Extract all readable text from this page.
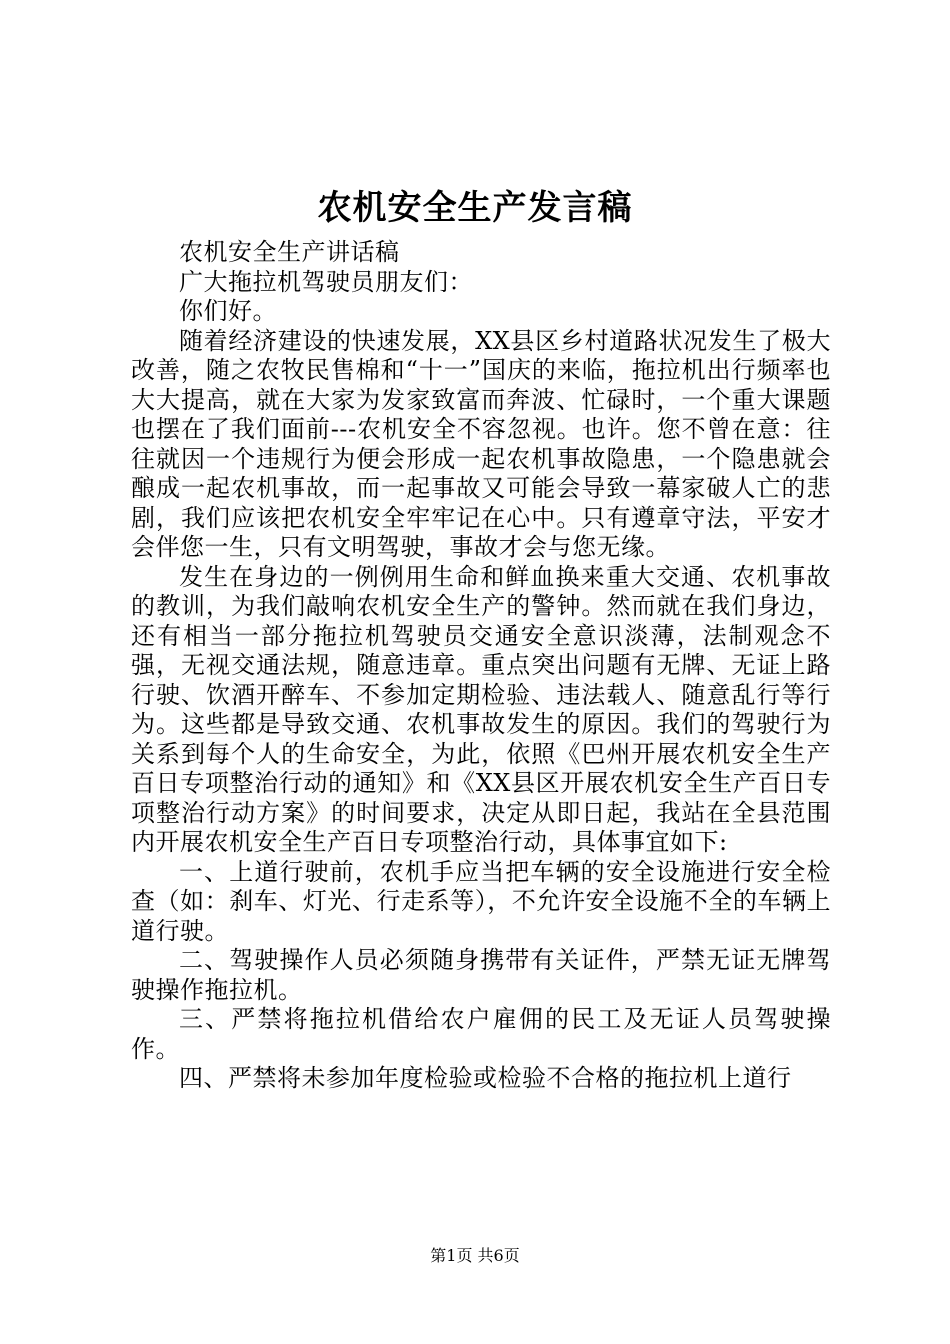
农机安全生产发言稿

农机安全生产讲话稿

广大拖拉机驾驶员朋友们：

你们好。

随着经济建设的快速发展，XX县区乡村道路状况发生了极大改善，随之农牧民售棉和“十一”国庆的来临，拖拉机出行频率也大大提高，就在大家为发家致富而奔波、忙碌时，一个重大课题也摆在了我们面前---农机安全不容忽视。也许。您不曾在意：往往就因一个违规行为便会形成一起农机事故隐患，一个隐患就会酿成一起农机事故，而一起事故又可能会导致一幕家破人亡的悲剧，我们应该把农机安全牢牢记在心中。只有遵章守法，平安才会伴您一生，只有文明驾驶，事故才会与您无缘。

发生在身边的一例例用生命和鲜血换来重大交通、农机事故的教训，为我们敲响农机安全生产的警钟。然而就在我们身边，还有相当一部分拖拉机驾驶员交通安全意识淡薄，法制观念不强，无视交通法规，随意违章。重点突出问题有无牌、无证上路行驶、饮酒开醉车、不参加定期检验、违法载人、随意乱行等行为。这些都是导致交通、农机事故发生的原因。我们的驾驶行为关系到每个人的生命安全，为此，依照《巴州开展农机安全生产百日专项整治行动的通知》和《XX县区开展农机安全生产百日专项整治行动方案》的时间要求，决定从即日起，我站在全县范围内开展农机安全生产百日专项整治行动，具体事宜如下:

一、上道行驶前，农机手应当把车辆的安全设施进行安全检查（如：刹车、灯光、行走系等），不允许安全设施不全的车辆上道行驶。

二、驾驶操作人员必须随身携带有关证件，严禁无证无牌驾驶操作拖拉机。

三、严禁将拖拉机借给农户雇佣的民工及无证人员驾驶操作。

四、严禁将未参加年度检验或检验不合格的拖拉机上道行

第1页 共6页
